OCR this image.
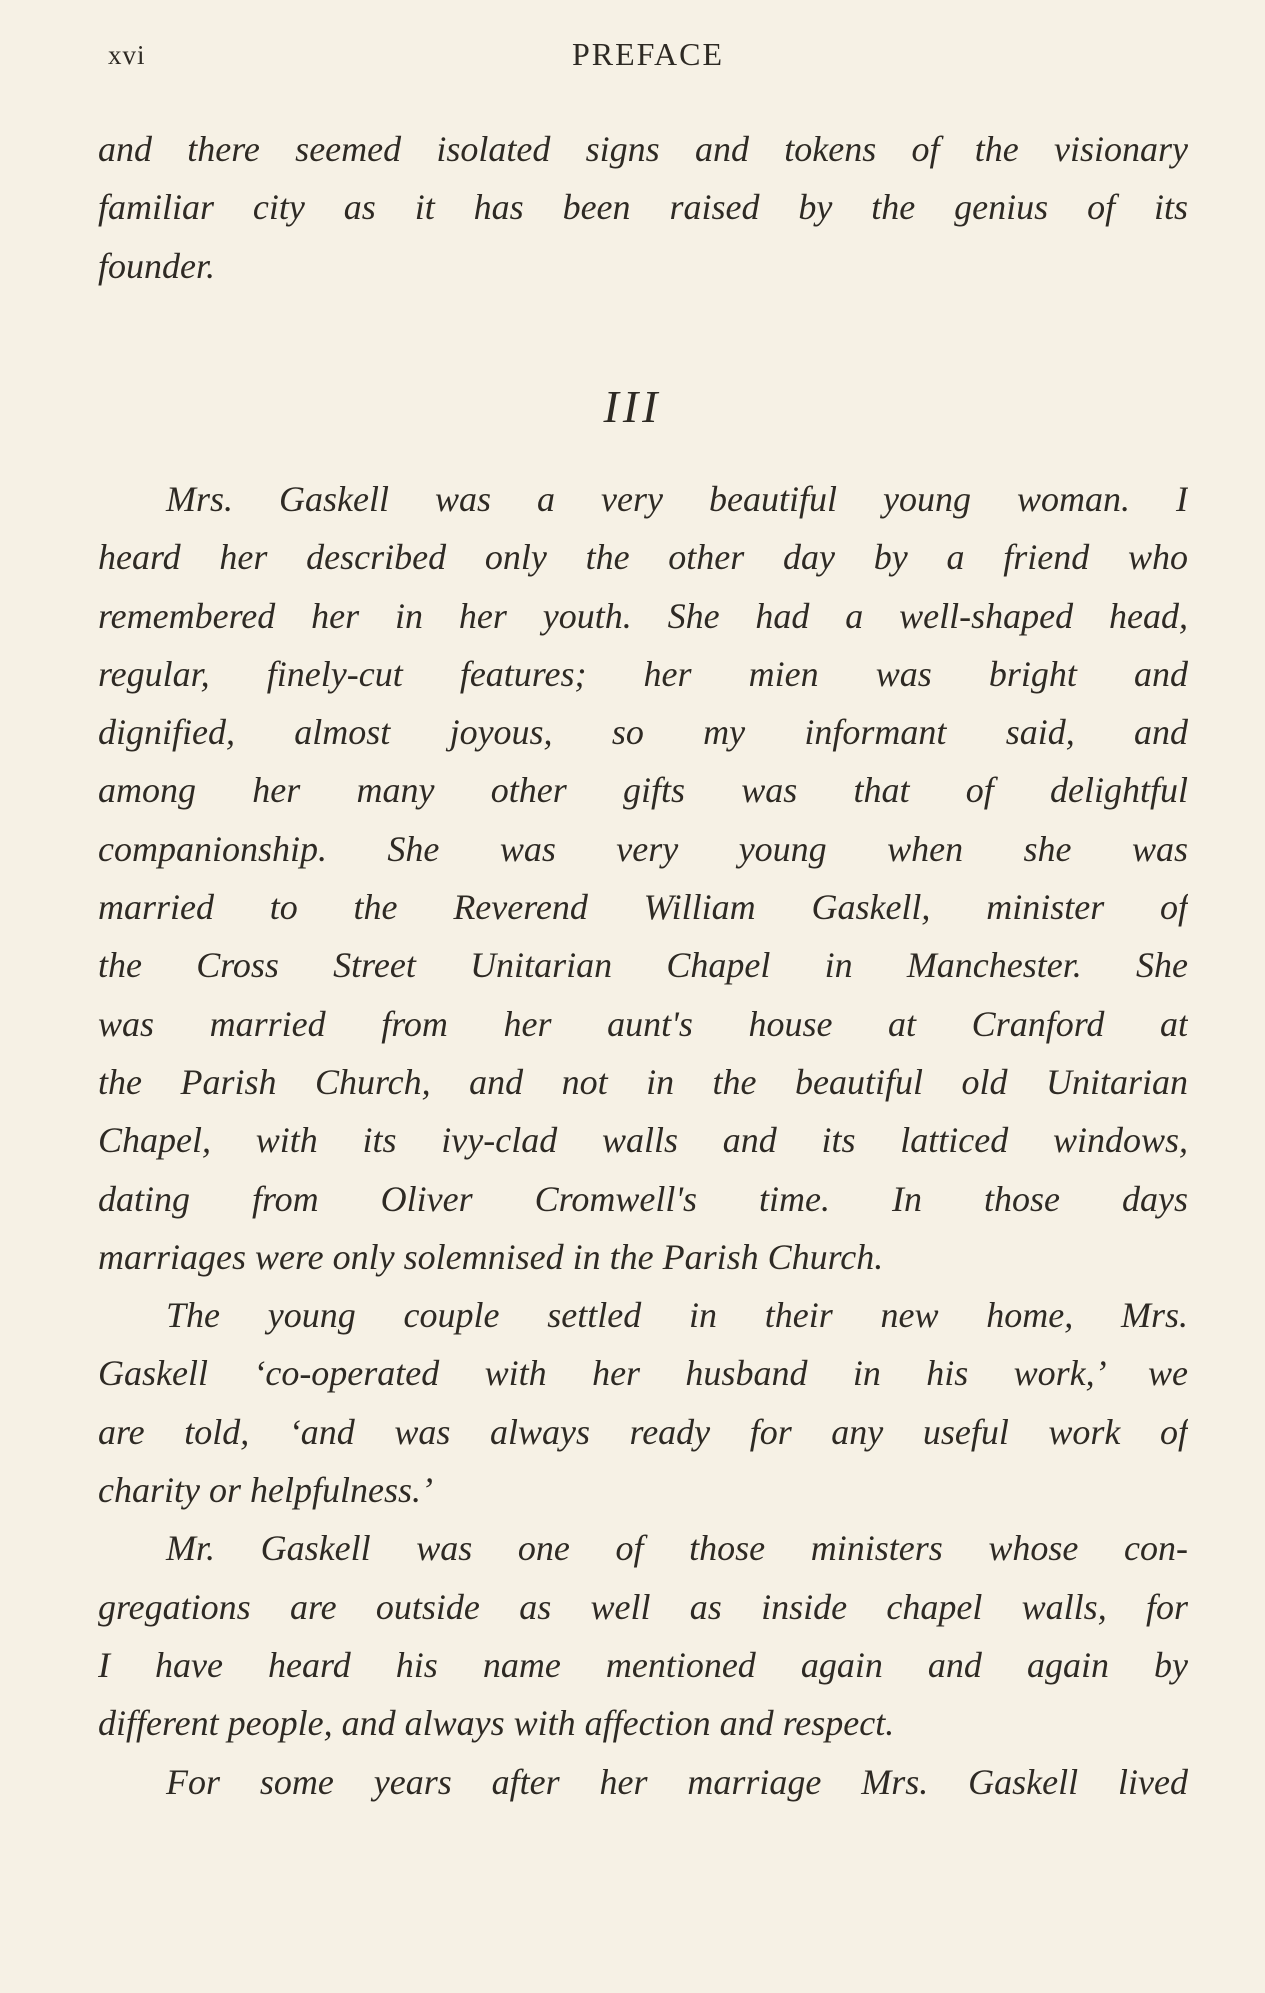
xvi	PREFACE
and there seemed isolated signs and tokens of the visionary
familiar city as it has been raised by the genius of its
founder.
III
Mrs. Gaskell was a very beautiful young woman. I
heard her described only the other day by a friend who
remembered her in her youth. She had a well-shaped head,
regular, finely-cut features; her mien was bright and
dignified, almost joyous, so my informant said, and
among her many other gifts was that of delightful
companionship. She was very young when she was
married to the Reverend William Gaskell, minister of
the Cross Street Unitarian Chapel in Manchester. She
was married from her aunt's house at Cranford at
the Parish Church, and not in the beautiful old Unitarian
Chapel, with its ivy-clad walls and its latticed windows,
dating from Oliver Cromwell's time. In those days
marriages were only solemnised in the Parish Church.
The young couple settled in their new home, Mrs.
Gaskell ‘co-operated with her husband in his work,’ we
are told, ‘and was always ready for any useful work of
charity or helpfulness.’
Mr. Gaskell was one of those ministers whose con-
gregations are outside as well as inside chapel walls, for
I have heard his name mentioned again and again by
different people, and always with affection and respect.
For some years after her marriage Mrs. Gaskell lived
